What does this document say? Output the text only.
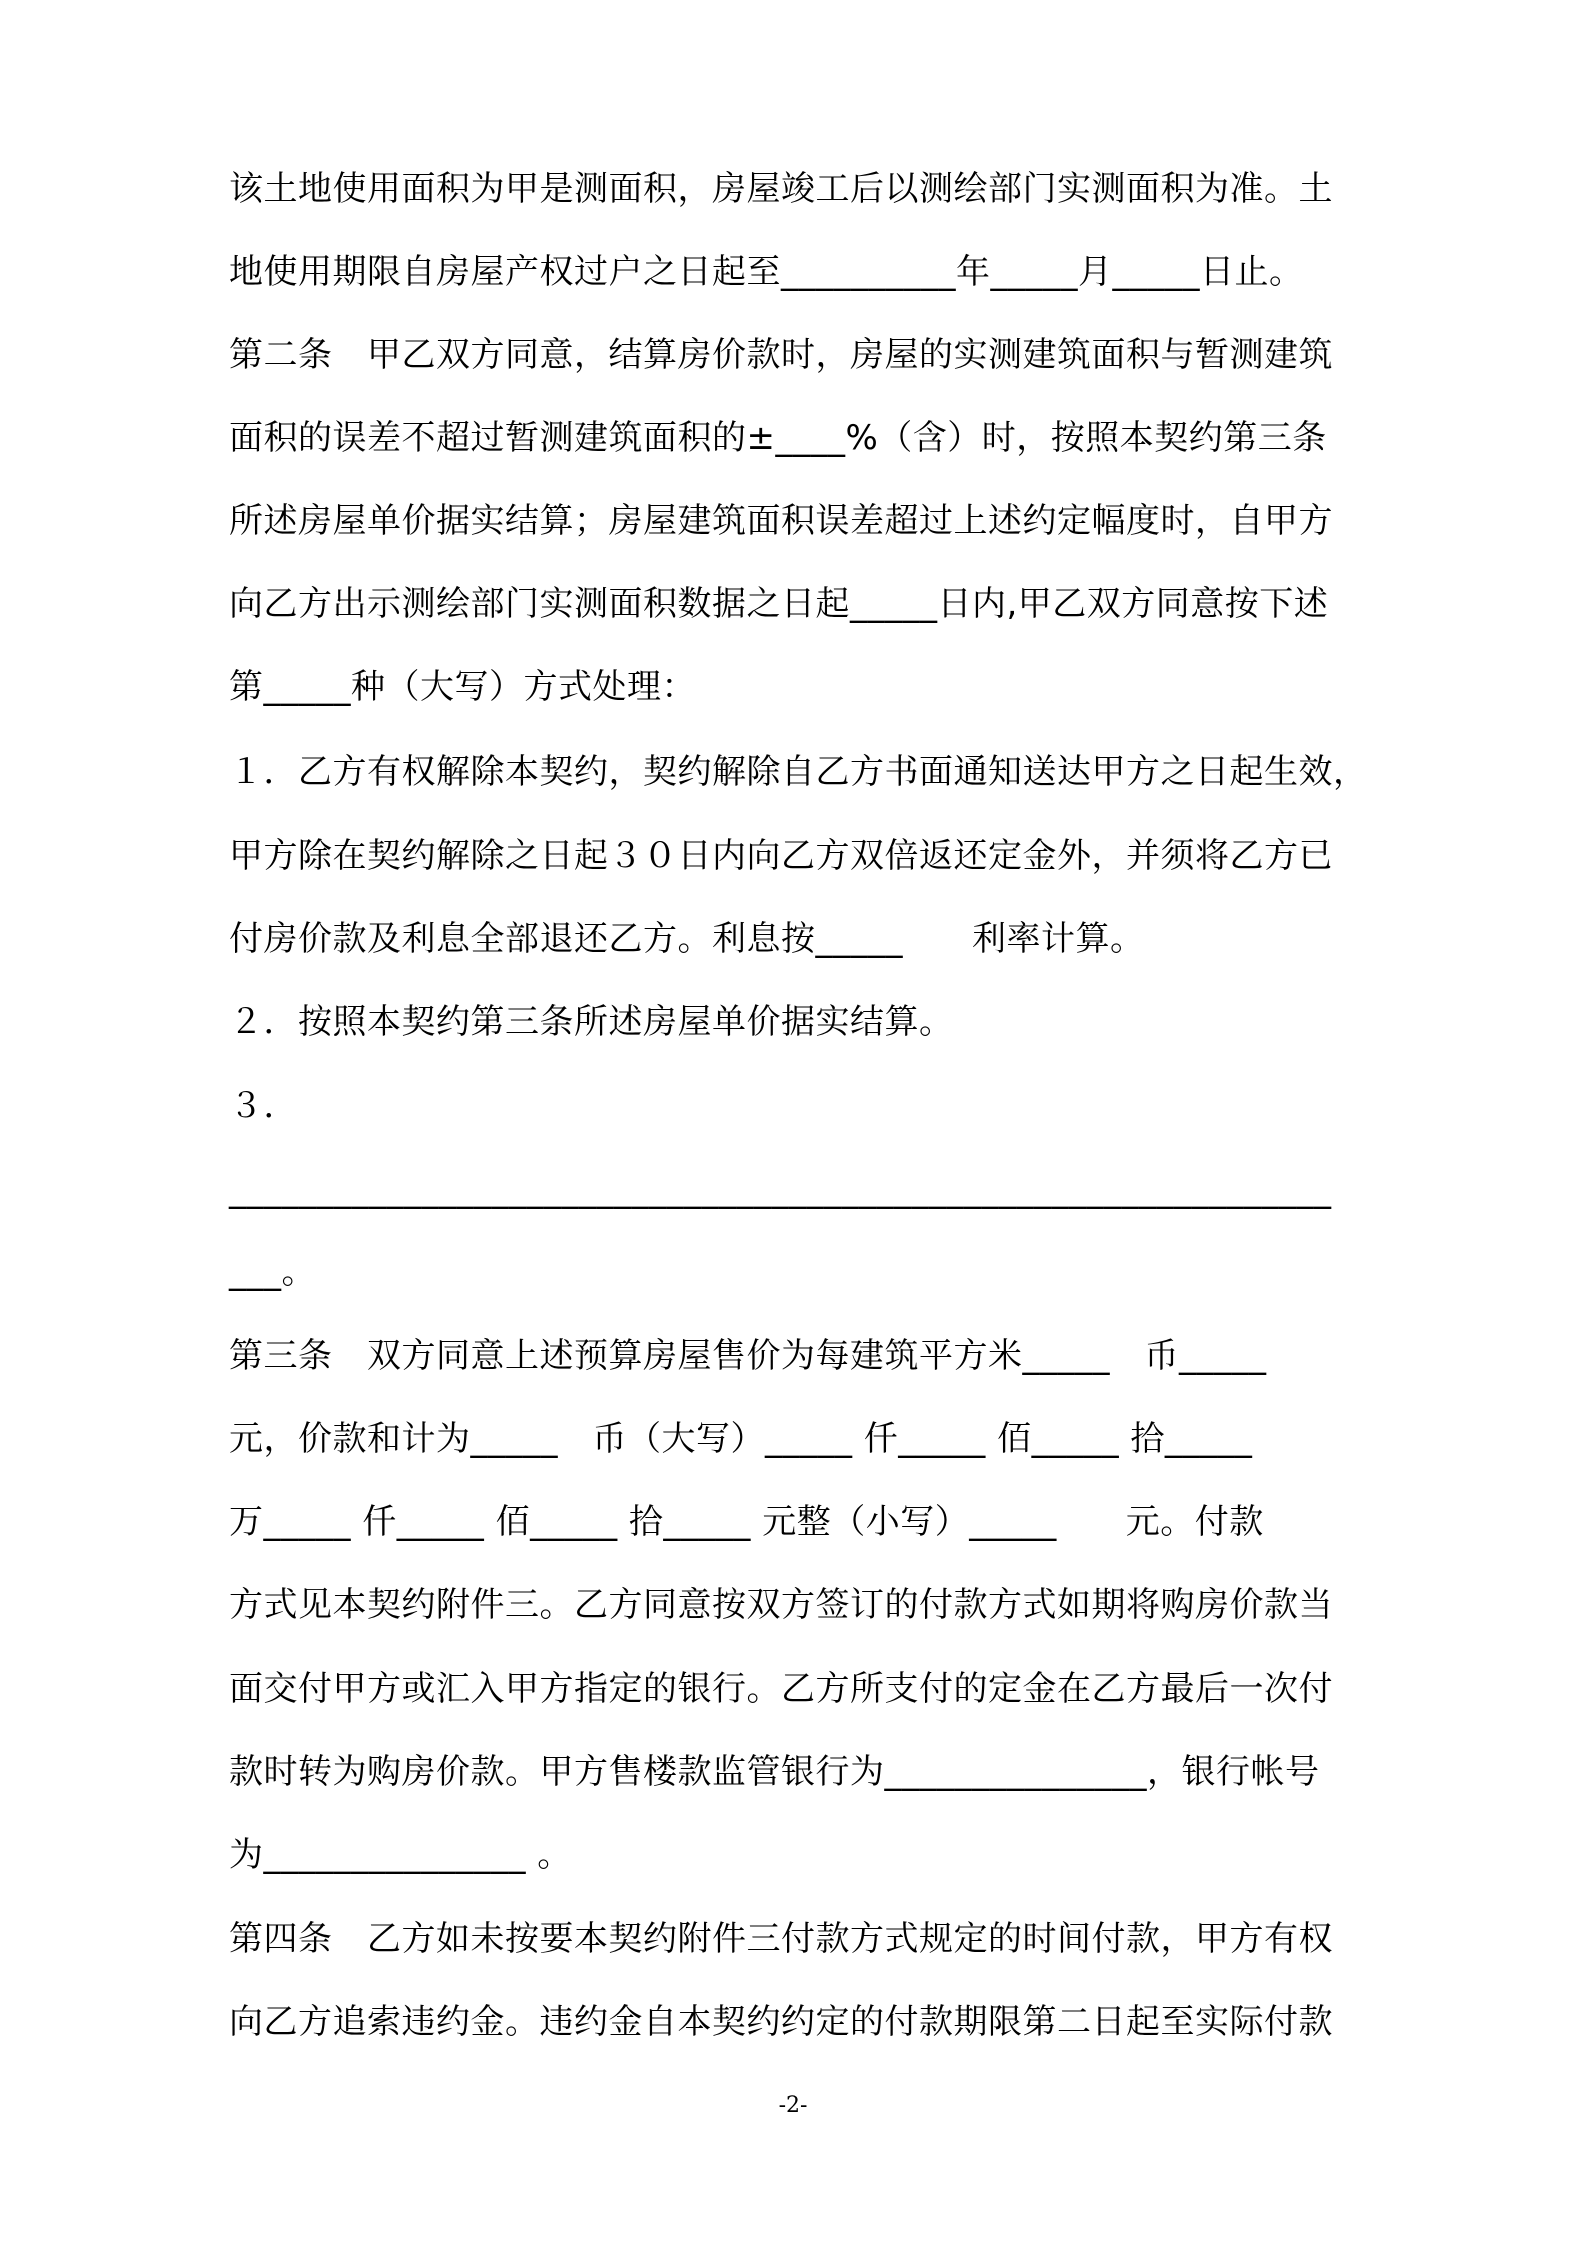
该土地使用面积为甲是测面积，房屋竣工后以测绘部门实测面积为准。土
地使用期限自房屋产权过户之日起至__________年_____月_____日止。
第二条　甲乙双方同意，结算房价款时，房屋的实测建筑面积与暂测建筑
面积的误差不超过暂测建筑面积的±____%（含）时，按照本契约第三条
所述房屋单价据实结算；房屋建筑面积误差超过上述约定幅度时，自甲方
向乙方出示测绘部门实测面积数据之日起_____日内,甲乙双方同意按下述
第_____种（大写）方式处理：
１．乙方有权解除本契约，契约解除自乙方书面通知送达甲方之日起生效，
甲方除在契约解除之日起３０日内向乙方双倍返还定金外，并须将乙方已
付房价款及利息全部退还乙方。利息按_____　　利率计算。
２．按照本契约第三条所述房屋单价据实结算。
３．
_______________________________________________________________
___。
第三条　双方同意上述预算房屋售价为每建筑平方米_____　币_____
元，价款和计为_____　币（大写）_____ 仟_____ 佰_____ 拾_____
万_____ 仟_____ 佰_____ 拾_____ 元整（小写）_____　　元。付款
方式见本契约附件三。乙方同意按双方签订的付款方式如期将购房价款当
面交付甲方或汇入甲方指定的银行。乙方所支付的定金在乙方最后一次付
款时转为购房价款。甲方售楼款监管银行为_______________，银行帐号
为_______________ 。
第四条　乙方如未按要本契约附件三付款方式规定的时间付款，甲方有权
向乙方追索违约金。违约金自本契约约定的付款期限第二日起至实际付款
-2-
